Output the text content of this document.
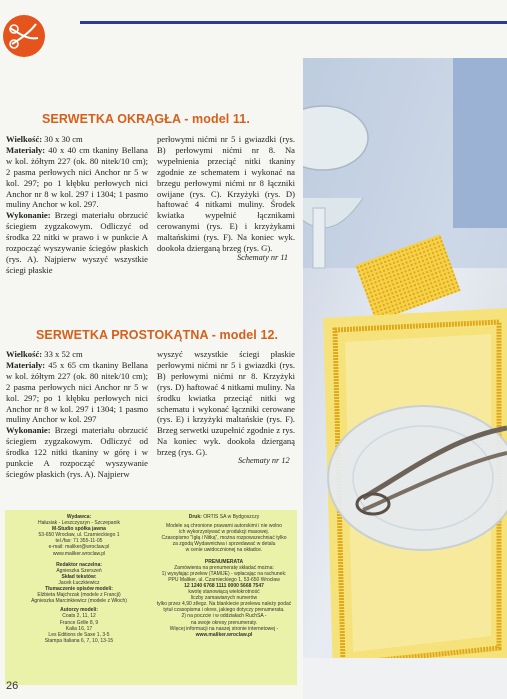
SERWETKA OKRĄGŁA - model 11.
Wielkość: 30 x 30 cm
Materiały: 40 x 40 cm tkaniny Bellana w kol. żółtym 227 (ok. 80 nitek/10 cm); 2 pasma perłowych nici Anchor nr 5 w kol. 297; po 1 kłębku perłowych nici Anchor nr 8 w kol. 297 i 1304; 1 pasmo muliny Anchor w kol. 297.
Wykonanie: Brzegi materiału obrzucić ściegiem zygzakowym. Odliczyć od środka 22 nitki w prawo i w punkcie A rozpocząć wyszywanie ściegów płaskich (rys. A). Najpierw wyszyć wszystkie ściegi płaskie
perłowymi nićmi nr 5 i gwiazdki (rys. B) perłowymi nićmi nr 8. Na wypełnienia przeciąć nitki tkaniny zgodnie ze schematem i wykonać na brzegu perłowymi nićmi nr 8 łączniki owijane (rys. C). Krzyżyki (rys. D) haftować 4 nitkami muliny. Środek kwiatka wypełnić łącznikami cerowanymi (rys. E) i krzyżykami maltańskimi (rys. F). Na koniec wyk. dookoła dzierganą brzeg (rys. G).
Schematy nr 11
SERWETKA PROSTOKĄTNA - model 12.
Wielkość: 33 x 52 cm
Materiały: 45 x 65 cm tkaniny Bellana w kol. żółtym 227 (ok. 80 nitek/10 cm); 2 pasma perłowych nici Anchor nr 5 w kol. 297; po 1 kłębku perłowych nici Anchor nr 8 w kol. 297 i 1304; 1 pasmo muliny Anchor w kol. 297
Wykonanie: Brzegi materiału obrzucić ściegiem zygzakowym. Odliczyć od środka 122 nitki tkaniny w górę i w punkcie A rozpocząć wyszywanie ściegów płaskich (rys. A). Najpierw
wyszyć wszystkie ściegi płaskie perłowymi nićmi nr 5 i gwiazdki (rys. B) perłowymi nićmi nr 8. Krzyżyki (rys. D) haftować 4 nitkami muliny. Na środku kwiatka przeciąć nitki wg schematu i wykonać łączniki cerowane (rys. E) i krzyżyki maltańskie (rys. F). Brzeg serwetki uzupełnić zgodnie z rys. Na koniec wyk. dookoła dzierganą brzeg (rys. G).
Schematy nr 12
Wydawca:
Hałusiak - Leszczyszyn - Szczepanik
M-Studio spółka jawna
53-650 Wrocław, ul. Czarnieckiego 1
tel./fax: 71 355-11-05
e-mail: maliker@wroclaw.pl
www.maliker.wroclaw.pl
Redaktor naczelna:
Agnieszka Szerszeń
Skład tekstów:
Jacek Łuczkiewicz
Tłumaczenie opisów modeli:
Elżbieta Majchrzak (modele z Francji)
Agnieszka Marcinkiewicz (modele z Włoch)
Autorzy modeli:
Coats 2, 11, 12
France Grille 8, 9
Kalia 16, 17
Les Editions de Saxe 1, 3-5
Stampa Italiana 6, 7, 10, 13-15
Druk: ORTIS SA w Bydgoszczy
Modele są chronione prawami autorskimi i nie wolno
ich wykorzystywać w produkcji masowej.
Czasopismo "Igłą i Nitką", można rozpowszechniać tylko
za zgodą Wydawnictwa i sprzedawać w detalu
w cenie uwidocznionej na okładce.
PRENUMERATA
Zamówienia na prenumeratę składać można:
1) wysyłając przelew (TAMIJE) - wpłacając na rachunek:
PPU Maliker, ul. Czarnieckiego 1, 53-650 Wrocław
12 1240 6768 1111 0000 5668 7547
kwotę stanowiącą wielokrotność
liczby zamawianych numerów
tylko przez 4,90 zł/egz. Na blankiecie przelewu należy podać
tytuł czasopisma i okres, jakiego dotyczy prenumerata.
2) na poczcie i w oddziałach RuchSA -
na swoje okresy prenumeraty.
Więcej informacji na naszej stronie internetowej -
www.maliker.wroclaw.pl
26
